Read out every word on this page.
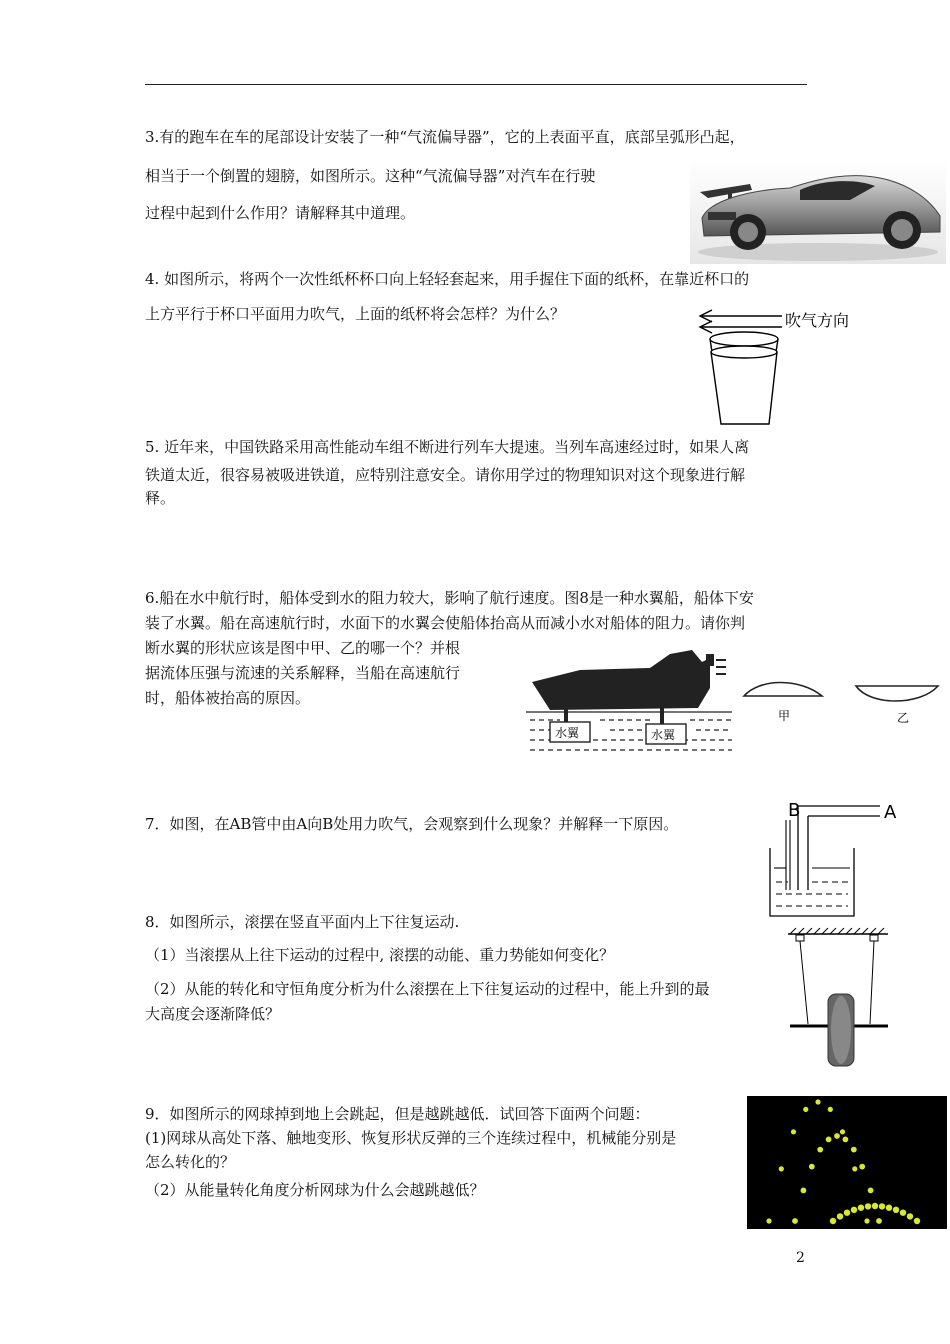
3.有的跑车在车的尾部设计安装了一种“气流偏导器”，它的上表面平直，底部呈弧形凸起，
相当于一个倒置的翅膀，如图所示。这种“气流偏导器”对汽车在行驶
过程中起到什么作用？请解释其中道理。
4. 如图所示，将两个一次性纸杯杯口向上轻轻套起来，用手握住下面的纸杯，在靠近杯口的
上方平行于杯口平面用力吹气，上面的纸杯将会怎样？为什么？	吹气方向
5. 近年来，中国铁路采用高性能动车组不断进行列车大提速。当列车高速经过时，如果人离
铁道太近，很容易被吸进铁道，应特别注意安全。请你用学过的物理知识对这个现象进行解
释。
6.船在水中航行时，船体受到水的阻力较大，影响了航行速度。图8是一种水翼船，船体下安
装了水翼。船在高速航行时，水面下的水翼会使船体抬高从而减小水对船体的阻力。请你判
断水翼的形状应该是图中甲、乙的哪一个？并根
据流体压强与流速的关系解释，当船在高速航行
时，船体被抬高的原因。
水翼	水翼
甲	乙
7．如图，在AB管中由A向B处用力吹气，会观察到什么现象？并解释一下原因。
B	A
8．如图所示，滚摆在竖直平面内上下往复运动.
（1）当滚摆从上往下运动的过程中, 滚摆的动能、重力势能如何变化？
（2）从能的转化和守恒角度分析为什么滚摆在上下往复运动的过程中，能上升到的最
大高度会逐渐降低？
9．如图所示的网球掉到地上会跳起，但是越跳越低．试回答下面两个问题：
(1)网球从高处下落、触地变形、恢复形状反弹的三个连续过程中，机械能分别是
怎么转化的？
（2）从能量转化角度分析网球为什么会越跳越低？
2
